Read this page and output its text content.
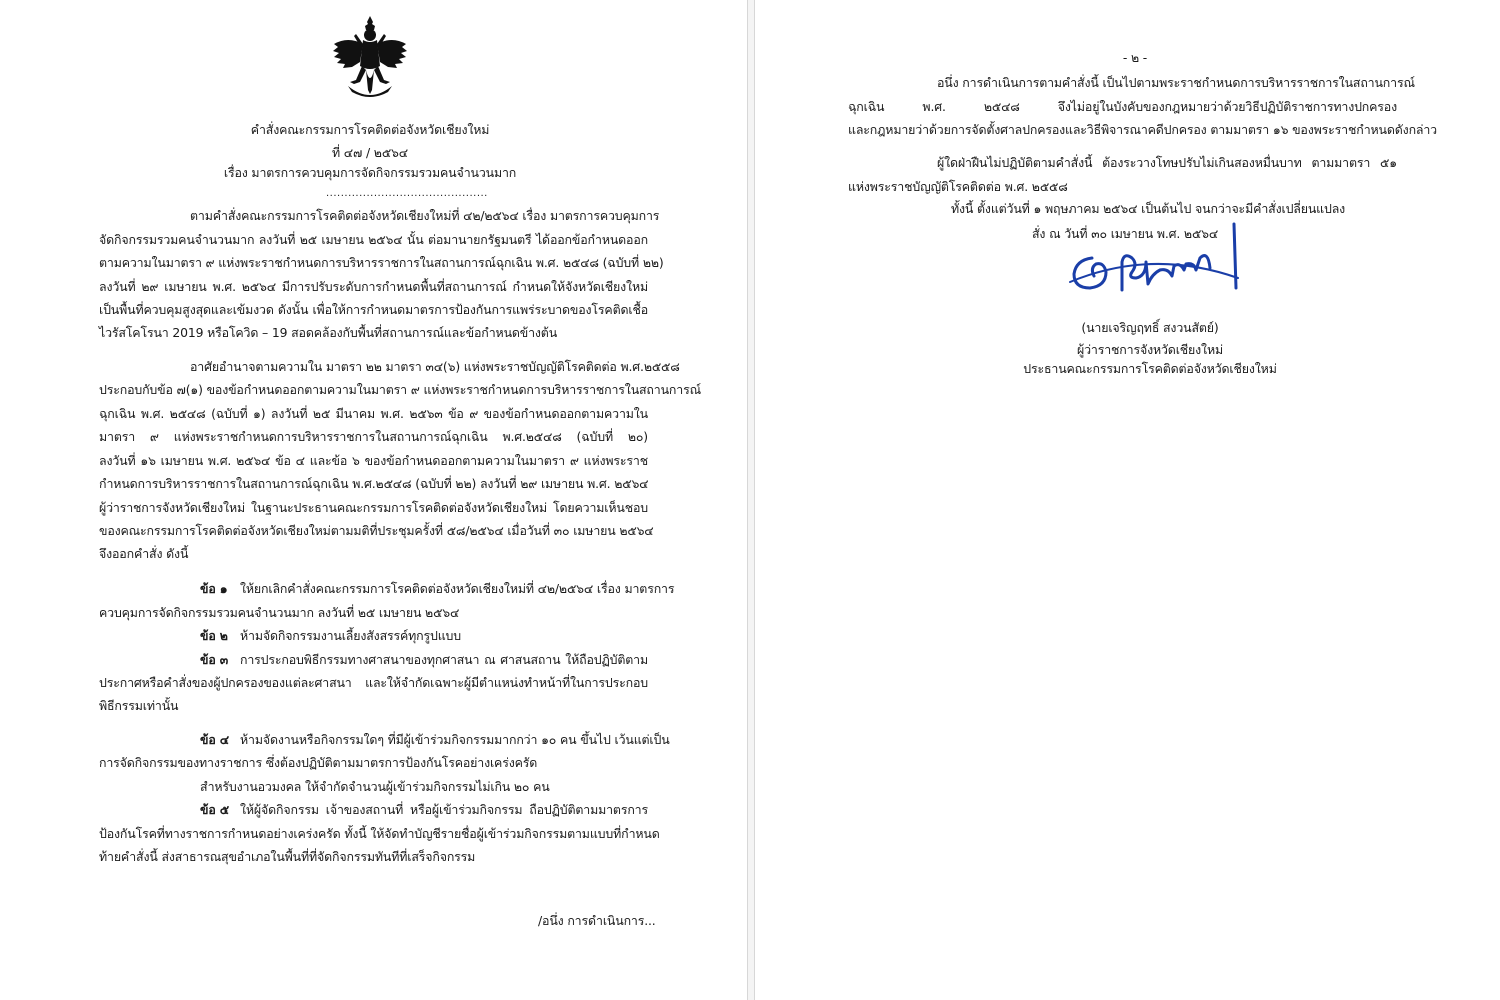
คำสั่งคณะกรรมการโรคติดต่อจังหวัดเชียงใหม่

ที่ ๔๗ / ๒๕๖๔

เรื่อง มาตรการควบคุมการจัดกิจกรรมรวมคนจำนวนมาก

............................................

ตามคำสั่งคณะกรรมการโรคติดต่อจังหวัดเชียงใหม่ที่ ๔๒/๒๕๖๔ เรื่อง มาตรการควบคุมการ

จัดกิจกรรมรวมคนจำนวนมาก ลงวันที่ ๒๕ เมษายน ๒๕๖๔ นั้น ต่อมานายกรัฐมนตรี ได้ออกข้อกำหนดออก

ตามความในมาตรา ๙ แห่งพระราชกำหนดการบริหารราชการในสถานการณ์ฉุกเฉิน พ.ศ. ๒๕๔๘ (ฉบับที่ ๒๒)

ลงวันที่ ๒๙ เมษายน พ.ศ. ๒๕๖๔ มีการปรับระดับการกำหนดพื้นที่สถานการณ์ กำหนดให้จังหวัดเชียงใหม่

เป็นพื้นที่ควบคุมสูงสุดและเข้มงวด ดังนั้น เพื่อให้การกำหนดมาตรการป้องกันการแพร่ระบาดของโรคติดเชื้อ

ไวรัสโคโรนา 2019 หรือโควิด – 19 สอดคล้องกับพื้นที่สถานการณ์และข้อกำหนดข้างต้น

อาศัยอำนาจตามความใน มาตรา ๒๒ มาตรา ๓๔(๖) แห่งพระราชบัญญัติโรคติดต่อ พ.ศ.๒๕๕๘

ประกอบกับข้อ ๗(๑) ของข้อกำหนดออกตามความในมาตรา ๙ แห่งพระราชกำหนดการบริหารราชการในสถานการณ์

ฉุกเฉิน พ.ศ. ๒๕๔๘ (ฉบับที่ ๑) ลงวันที่ ๒๕ มีนาคม พ.ศ. ๒๕๖๓ ข้อ ๙ ของข้อกำหนดออกตามความใน

มาตรา ๙ แห่งพระราชกำหนดการบริหารราชการในสถานการณ์ฉุกเฉิน พ.ศ.๒๕๔๘ (ฉบับที่ ๒๐)

ลงวันที่ ๑๖ เมษายน พ.ศ. ๒๕๖๔ ข้อ ๔ และข้อ ๖ ของข้อกำหนดออกตามความในมาตรา ๙ แห่งพระราช

กำหนดการบริหารราชการในสถานการณ์ฉุกเฉิน พ.ศ.๒๕๔๘ (ฉบับที่ ๒๒) ลงวันที่ ๒๙ เมษายน พ.ศ. ๒๕๖๔

ผู้ว่าราชการจังหวัดเชียงใหม่ ในฐานะประธานคณะกรรมการโรคติดต่อจังหวัดเชียงใหม่ โดยความเห็นชอบ

ของคณะกรรมการโรคติดต่อจังหวัดเชียงใหม่ตามมติที่ประชุมครั้งที่ ๕๘/๒๕๖๔ เมื่อวันที่ ๓๐ เมษายน ๒๕๖๔

จึงออกคำสั่ง ดังนี้

ข้อ ๑ ให้ยกเลิกคำสั่งคณะกรรมการโรคติดต่อจังหวัดเชียงใหม่ที่ ๔๒/๒๕๖๔ เรื่อง มาตรการ

ควบคุมการจัดกิจกรรมรวมคนจำนวนมาก ลงวันที่ ๒๕ เมษายน ๒๕๖๔

ข้อ ๒ ห้ามจัดกิจกรรมงานเลี้ยงสังสรรค์ทุกรูปแบบ

ข้อ ๓ การประกอบพิธีกรรมทางศาสนาของทุกศาสนา ณ ศาสนสถาน ให้ถือปฏิบัติตาม

ประกาศหรือคำสั่งของผู้ปกครองของแต่ละศาสนา และให้จำกัดเฉพาะผู้มีตำแหน่งทำหน้าที่ในการประกอบ

พิธีกรรมเท่านั้น

ข้อ ๔ ห้ามจัดงานหรือกิจกรรมใดๆ ที่มีผู้เข้าร่วมกิจกรรมมากกว่า ๑๐ คน ขึ้นไป เว้นแต่เป็น

การจัดกิจกรรมของทางราชการ ซึ่งต้องปฏิบัติตามมาตรการป้องกันโรคอย่างเคร่งครัด

สำหรับงานอวมงคล ให้จำกัดจำนวนผู้เข้าร่วมกิจกรรมไม่เกิน ๒๐ คน

ข้อ ๕ ให้ผู้จัดกิจกรรม เจ้าของสถานที่ หรือผู้เข้าร่วมกิจกรรม ถือปฏิบัติตามมาตรการ

ป้องกันโรคที่ทางราชการกำหนดอย่างเคร่งครัด ทั้งนี้ ให้จัดทำบัญชีรายชื่อผู้เข้าร่วมกิจกรรมตามแบบที่กำหนด

ท้ายคำสั่งนี้ ส่งสาธารณสุขอำเภอในพื้นที่ที่จัดกิจกรรมทันทีที่เสร็จกิจกรรม

/อนึ่ง การดำเนินการ...

- ๒ -

อนึ่ง การดำเนินการตามคำสั่งนี้ เป็นไปตามพระราชกำหนดการบริหารราชการในสถานการณ์

ฉุกเฉิน พ.ศ. ๒๕๔๘ จึงไม่อยู่ในบังคับของกฎหมายว่าด้วยวิธีปฏิบัติราชการทางปกครอง

และกฎหมายว่าด้วยการจัดตั้งศาลปกครองและวิธีพิจารณาคดีปกครอง ตามมาตรา ๑๖ ของพระราชกำหนดดังกล่าว

ผู้ใดฝ่าฝืนไม่ปฏิบัติตามคำสั่งนี้ ต้องระวางโทษปรับไม่เกินสองหมื่นบาท ตามมาตรา ๕๑

แห่งพระราชบัญญัติโรคติดต่อ พ.ศ. ๒๕๕๘

ทั้งนี้ ตั้งแต่วันที่ ๑ พฤษภาคม ๒๕๖๔ เป็นต้นไป จนกว่าจะมีคำสั่งเปลี่ยนแปลง

สั่ง ณ วันที่ ๓๐ เมษายน พ.ศ. ๒๕๖๔

(นายเจริญฤทธิ์ สงวนสัตย์)

ผู้ว่าราชการจังหวัดเชียงใหม่

ประธานคณะกรรมการโรคติดต่อจังหวัดเชียงใหม่
